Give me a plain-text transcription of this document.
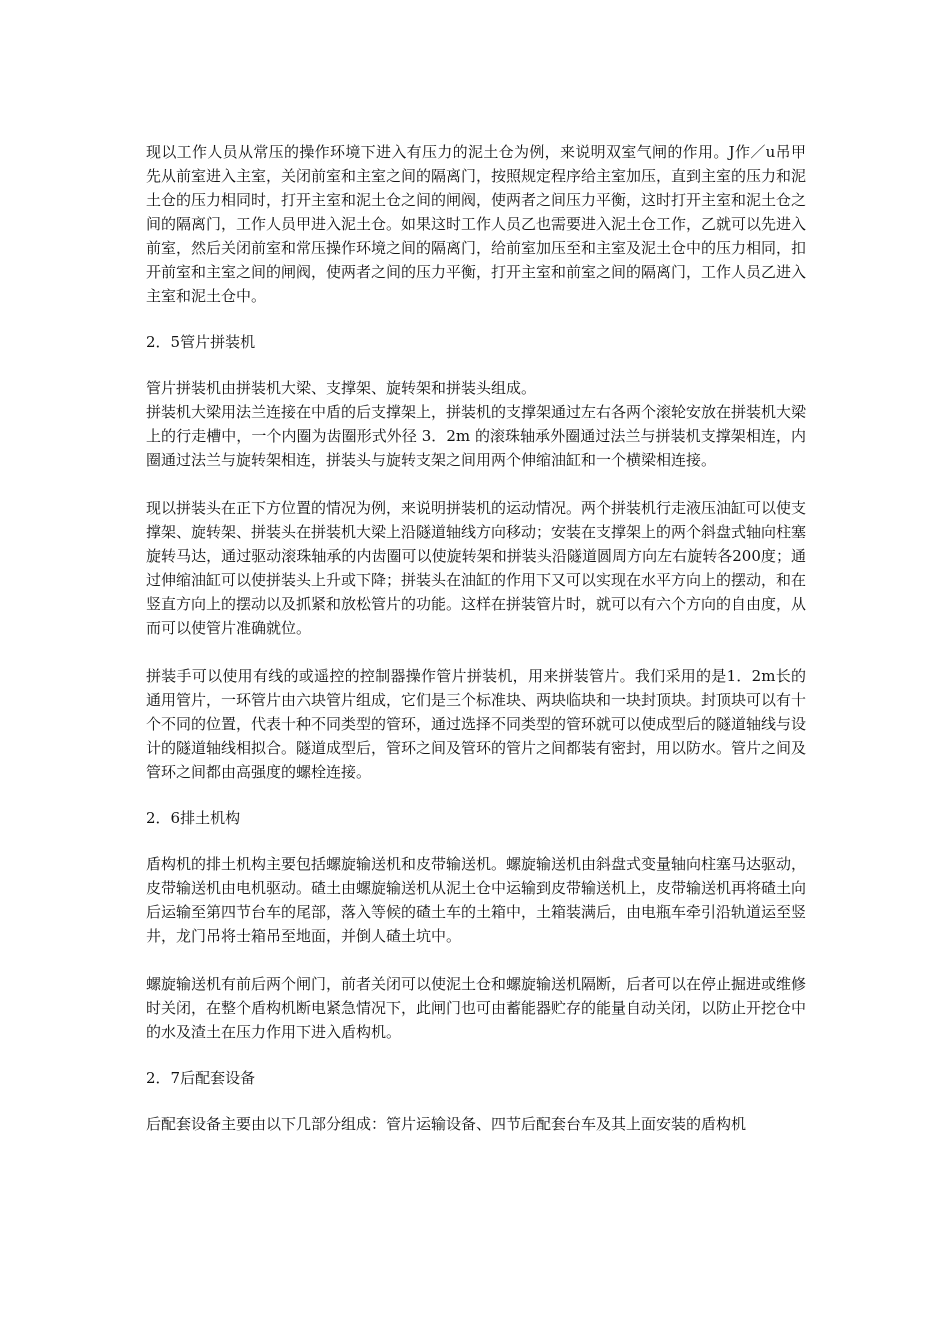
现以工作人员从常压的操作环境下进入有压力的泥土仓为例，来说明双室气闸的作用。J作／u吊甲先从前室进入主室，关闭前室和主室之间的隔离门，按照规定程序给主室加压，直到主室的压力和泥土仓的压力相同时，打开主室和泥土仓之间的闸阀，使两者之间压力平衡，这时打开主室和泥土仓之间的隔离门，工作人员甲进入泥土仓。如果这时工作人员乙也需要进入泥土仓工作，乙就可以先进入前室，然后关闭前室和常压操作环境之间的隔离门，给前室加压至和主室及泥土仓中的压力相同，扣开前室和主室之间的闸阀，使两者之间的压力平衡，打开主室和前室之间的隔离门，工作人员乙进入主室和泥土仓中。

2．5管片拼装机

管片拼装机由拼装机大梁、支撑架、旋转架和拼装头组成。

拼装机大梁用法兰连接在中盾的后支撑架上，拼装机的支撑架通过左右各两个滚轮安放在拼装机大梁上的行走槽中，一个内圈为齿圈形式外径 3．2m 的滚珠轴承外圈通过法兰与拼装机支撑架相连，内圈通过法兰与旋转架相连，拼装头与旋转支架之间用两个伸缩油缸和一个横梁相连接。

现以拼装头在正下方位置的情况为例，来说明拼装机的运动情况。两个拼装机行走液压油缸可以使支撑架、旋转架、拼装头在拼装机大梁上沿隧道轴线方向移动；安装在支撑架上的两个斜盘式轴向柱塞旋转马达，通过驱动滚珠轴承的内齿圈可以使旋转架和拼装头沿隧道圆周方向左右旋转各200度；通过伸缩油缸可以使拼装头上升或下降；拼装头在油缸的作用下又可以实现在水平方向上的摆动，和在竖直方向上的摆动以及抓紧和放松管片的功能。这样在拼装管片时，就可以有六个方向的自由度，从而可以使管片准确就位。

拼装手可以使用有线的或遥控的控制器操作管片拼装机，用来拼装管片。我们采用的是1．2m长的通用管片，一环管片由六块管片组成，它们是三个标准块、两块临块和一块封顶块。封顶块可以有十个不同的位置，代表十种不同类型的管环，通过选择不同类型的管环就可以使成型后的隧道轴线与设计的隧道轴线相拟合。隧道成型后，管环之间及管环的管片之间都装有密封，用以防水。管片之间及管环之间都由高强度的螺栓连接。

2．6排土机构

盾构机的排土机构主要包括螺旋输送机和皮带输送机。螺旋输送机由斜盘式变量轴向柱塞马达驱动，皮带输送机由电机驱动。碴土由螺旋输送机从泥土仓中运输到皮带输送机上，皮带输送机再将碴土向后运输至第四节台车的尾部，落入等候的碴土车的土箱中，土箱装满后，由电瓶车牵引沿轨道运至竖井，龙门吊将士箱吊至地面，并倒人碴土坑中。

螺旋输送机有前后两个闸门，前者关闭可以使泥土仓和螺旋输送机隔断，后者可以在停止掘进或维修时关闭，在整个盾构机断电紧急情况下，此闸门也可由蓄能器贮存的能量自动关闭，以防止开挖仓中的水及渣土在压力作用下进入盾构机。

2．7后配套设备

后配套设备主要由以下几部分组成：管片运输设备、四节后配套台车及其上面安装的盾构机
